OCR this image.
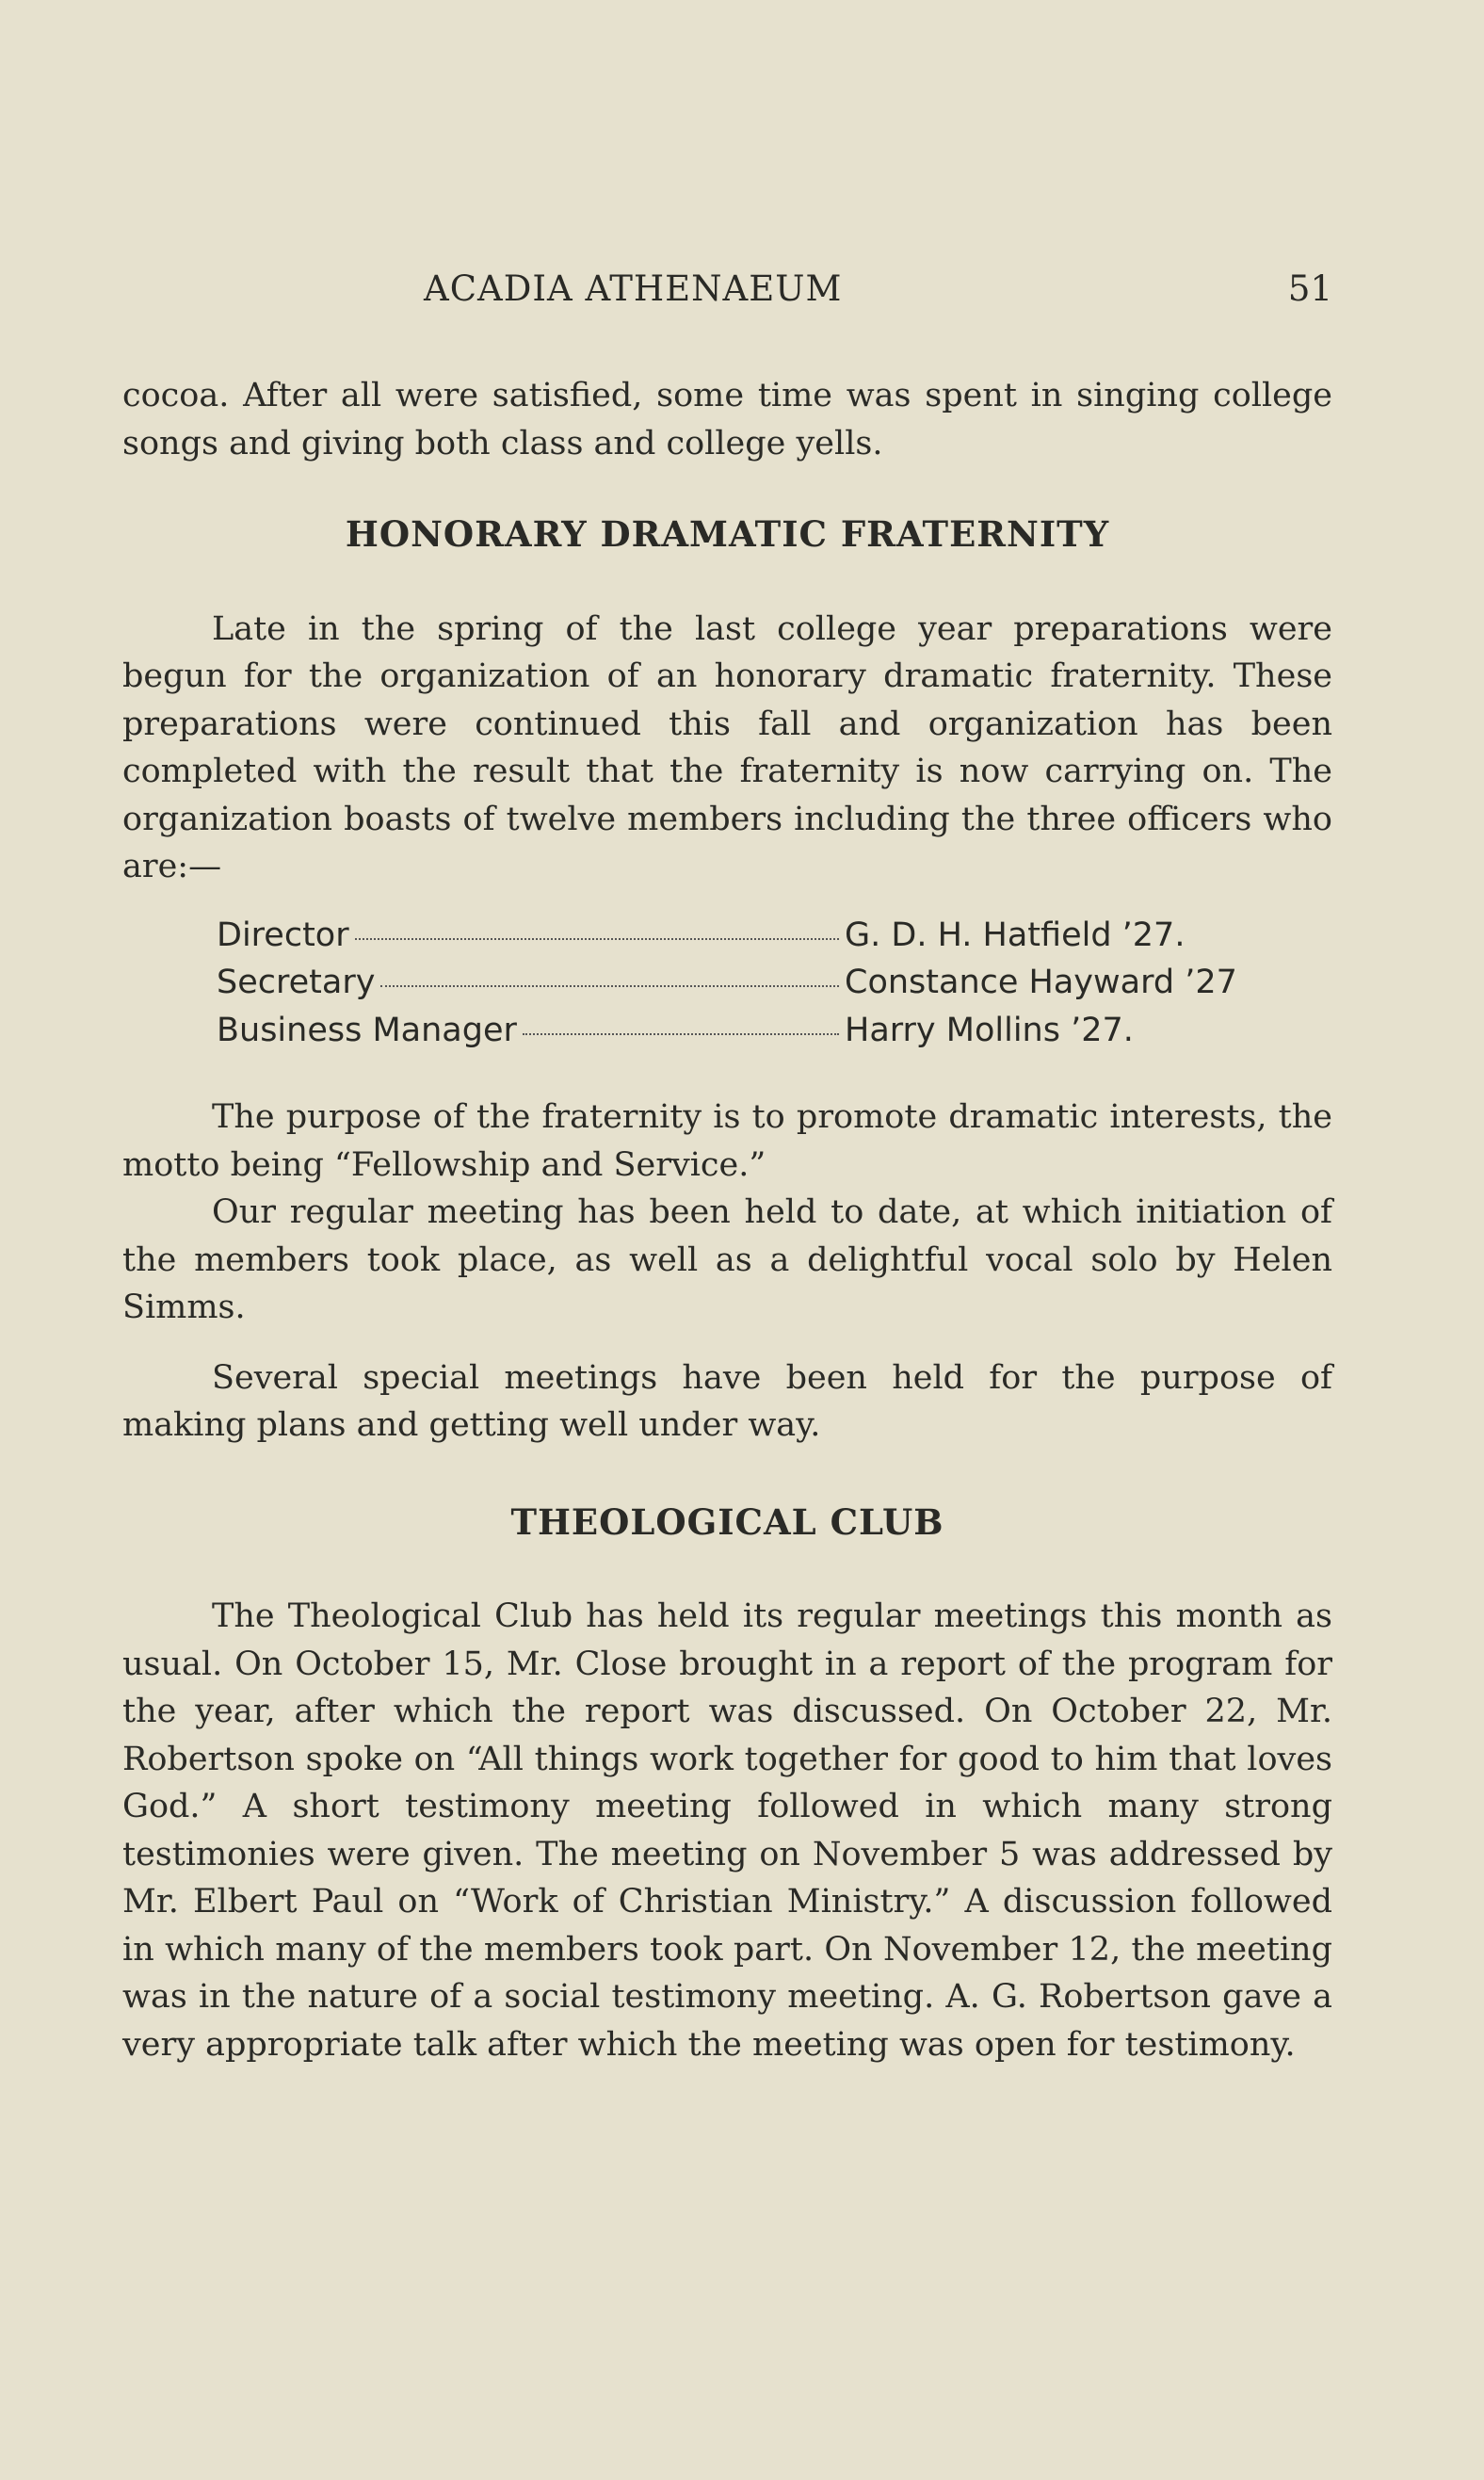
ACADIA ATHENAEUM	51

cocoa. After all were satisfied, some time was spent in singing college songs and giving both class and college yells.

HONORARY DRAMATIC FRATERNITY

Late in the spring of the last college year preparations were begun for the organization of an honorary dramatic fraternity. These preparations were continued this fall and organization has been completed with the result that the fraternity is now carrying on. The organization boasts of twelve members including the three officers who are:—

Director	G. D. H. Hatfield ’27.
Secretary	Constance Hayward ’27
Business Manager	Harry Mollins ’27.

The purpose of the fraternity is to promote dramatic interests, the motto being “Fellowship and Service.”

Our regular meeting has been held to date, at which initiation of the members took place, as well as a delightful vocal solo by Helen Simms.

Several special meetings have been held for the purpose of making plans and getting well under way.

THEOLOGICAL CLUB

The Theological Club has held its regular meetings this month as usual. On October 15, Mr. Close brought in a report of the program for the year, after which the report was discussed. On October 22, Mr. Robertson spoke on “All things work together for good to him that loves God.” A short testimony meeting followed in which many strong testimonies were given. The meeting on November 5 was addressed by Mr. Elbert Paul on “Work of Christian Ministry.” A discussion followed in which many of the members took part. On November 12, the meeting was in the nature of a social testimony meeting. A. G. Robertson gave a very appropriate talk after which the meeting was open for testimony.
